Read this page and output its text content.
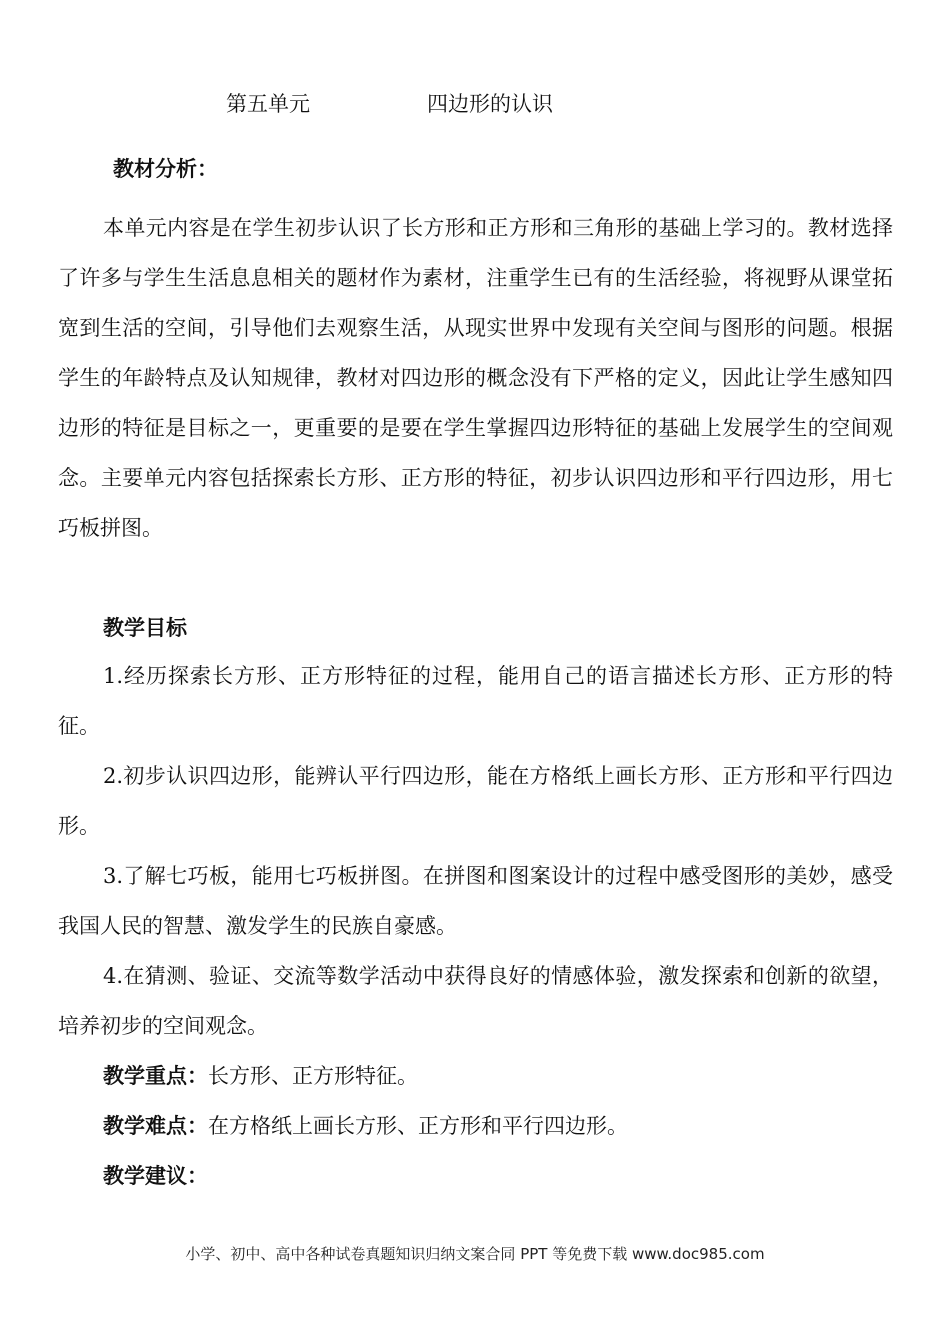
第五单元	四边形的认识
教材分析：

本单元内容是在学生初步认识了长方形和正方形和三角形的基础上学习的。教材选择了许多与学生生活息息相关的题材作为素材，注重学生已有的生活经验，将视野从课堂拓宽到生活的空间，引导他们去观察生活，从现实世界中发现有关空间与图形的问题。根据学生的年龄特点及认知规律，教材对四边形的概念没有下严格的定义，因此让学生感知四边形的特征是目标之一，更重要的是要在学生掌握四边形特征的基础上发展学生的空间观念。主要单元内容包括探索长方形、正方形的特征，初步认识四边形和平行四边形，用七巧板拼图。

教学目标

1.经历探索长方形、正方形特征的过程，能用自己的语言描述长方形、正方形的特征。

2.初步认识四边形，能辨认平行四边形，能在方格纸上画长方形、正方形和平行四边形。

3.了解七巧板，能用七巧板拼图。在拼图和图案设计的过程中感受图形的美妙，感受我国人民的智慧、激发学生的民族自豪感。

4.在猜测、验证、交流等数学活动中获得良好的情感体验，激发探索和创新的欲望，培养初步的空间观念。

教学重点：长方形、正方形特征。
教学难点：在方格纸上画长方形、正方形和平行四边形。
教学建议：
小学、初中、高中各种试卷真题知识归纳文案合同 PPT 等免费下载 www.doc985.com
